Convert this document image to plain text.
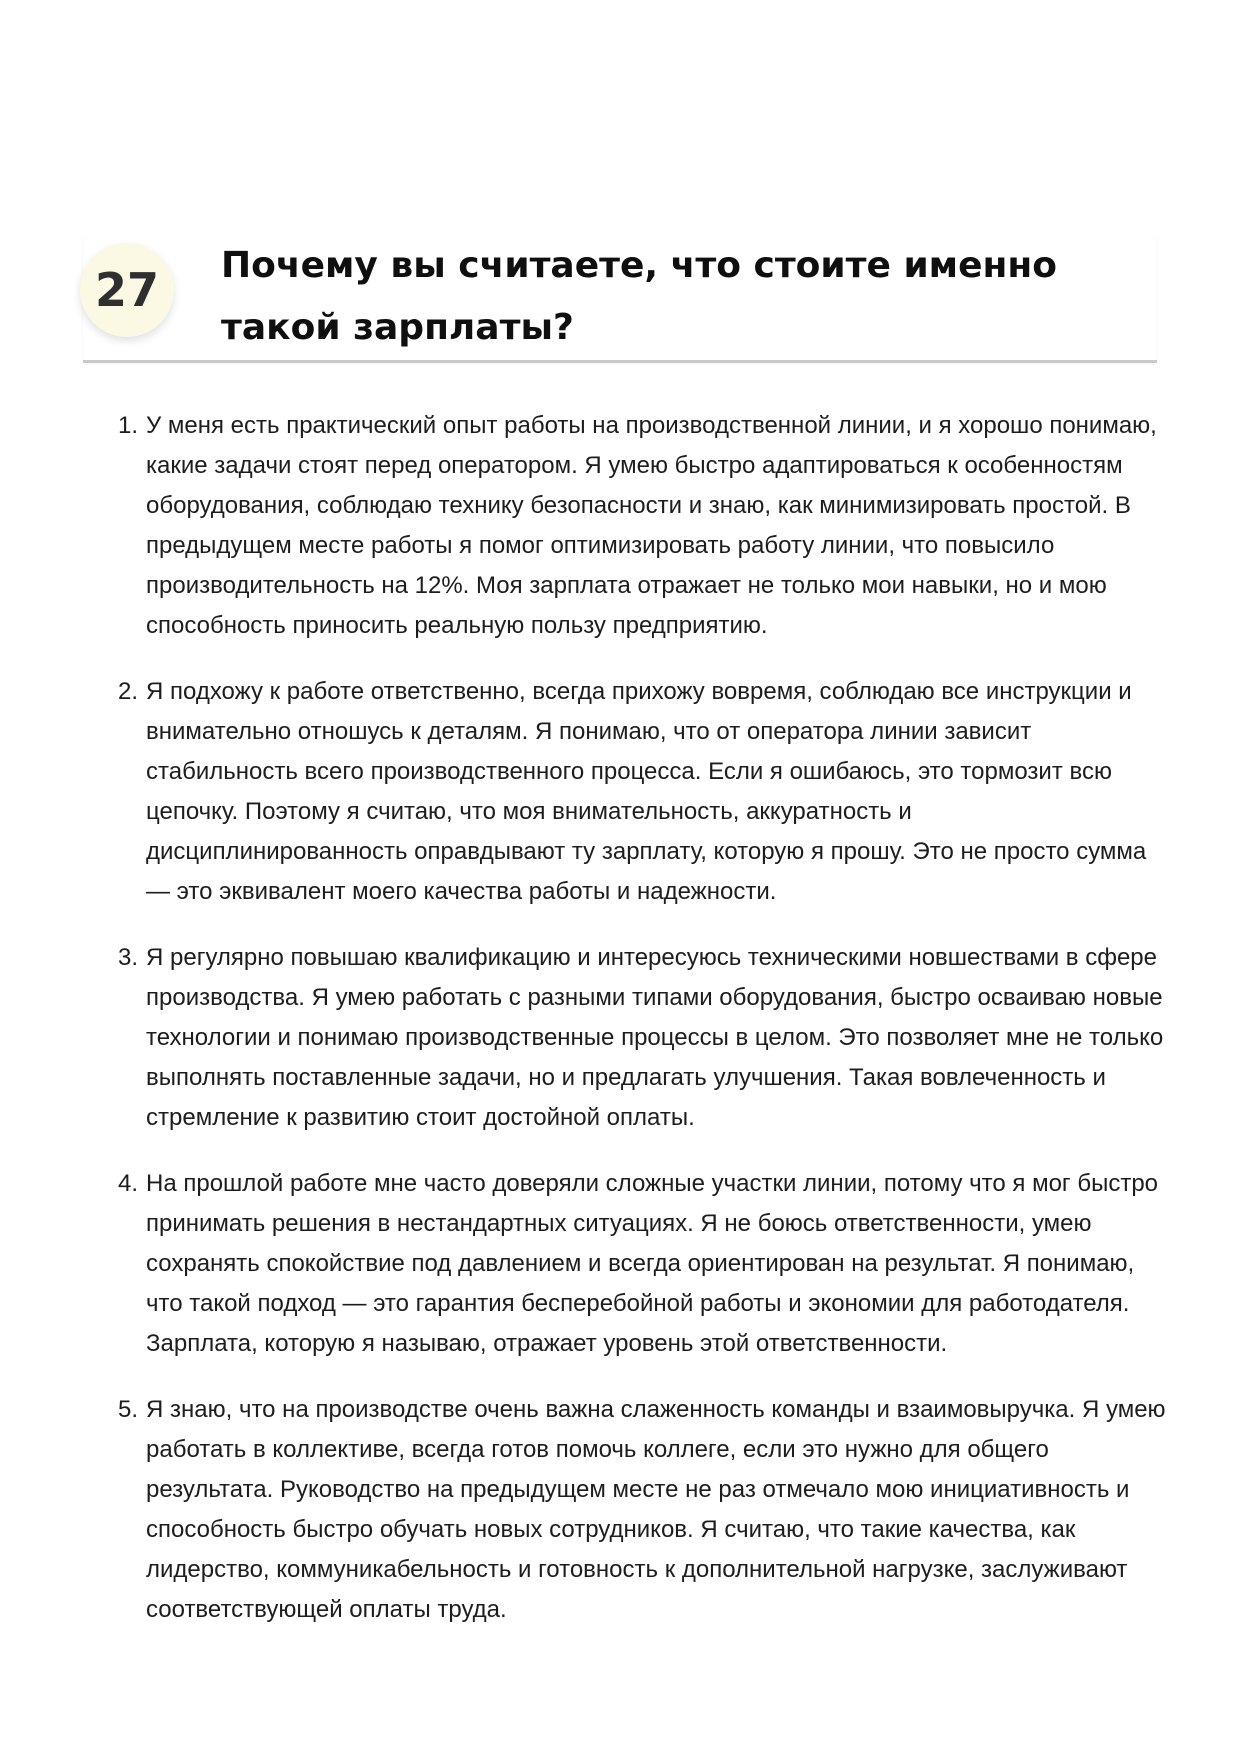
27	Почему вы считаете, что стоите именно такой зарплаты?
1. У меня есть практический опыт работы на производственной линии, и я хорошо понимаю, какие задачи стоят перед оператором. Я умею быстро адаптироваться к особенностям оборудования, соблюдаю технику безопасности и знаю, как минимизировать простой. В предыдущем месте работы я помог оптимизировать работу линии, что повысило производительность на 12%. Моя зарплата отражает не только мои навыки, но и мою способность приносить реальную пользу предприятию.
2. Я подхожу к работе ответственно, всегда прихожу вовремя, соблюдаю все инструкции и внимательно отношусь к деталям. Я понимаю, что от оператора линии зависит стабильность всего производственного процесса. Если я ошибаюсь, это тормозит всю цепочку. Поэтому я считаю, что моя внимательность, аккуратность и дисциплинированность оправдывают ту зарплату, которую я прошу. Это не просто сумма — это эквивалент моего качества работы и надежности.
3. Я регулярно повышаю квалификацию и интересуюсь техническими новшествами в сфере производства. Я умею работать с разными типами оборудования, быстро осваиваю новые технологии и понимаю производственные процессы в целом. Это позволяет мне не только выполнять поставленные задачи, но и предлагать улучшения. Такая вовлеченность и стремление к развитию стоит достойной оплаты.
4. На прошлой работе мне часто доверяли сложные участки линии, потому что я мог быстро принимать решения в нестандартных ситуациях. Я не боюсь ответственности, умею сохранять спокойствие под давлением и всегда ориентирован на результат. Я понимаю, что такой подход — это гарантия бесперебойной работы и экономии для работодателя. Зарплата, которую я называю, отражает уровень этой ответственности.
5. Я знаю, что на производстве очень важна слаженность команды и взаимовыручка. Я умею работать в коллективе, всегда готов помочь коллеге, если это нужно для общего результата. Руководство на предыдущем месте не раз отмечало мою инициативность и способность быстро обучать новых сотрудников. Я считаю, что такие качества, как лидерство, коммуникабельность и готовность к дополнительной нагрузке, заслуживают соответствующей оплаты труда.
